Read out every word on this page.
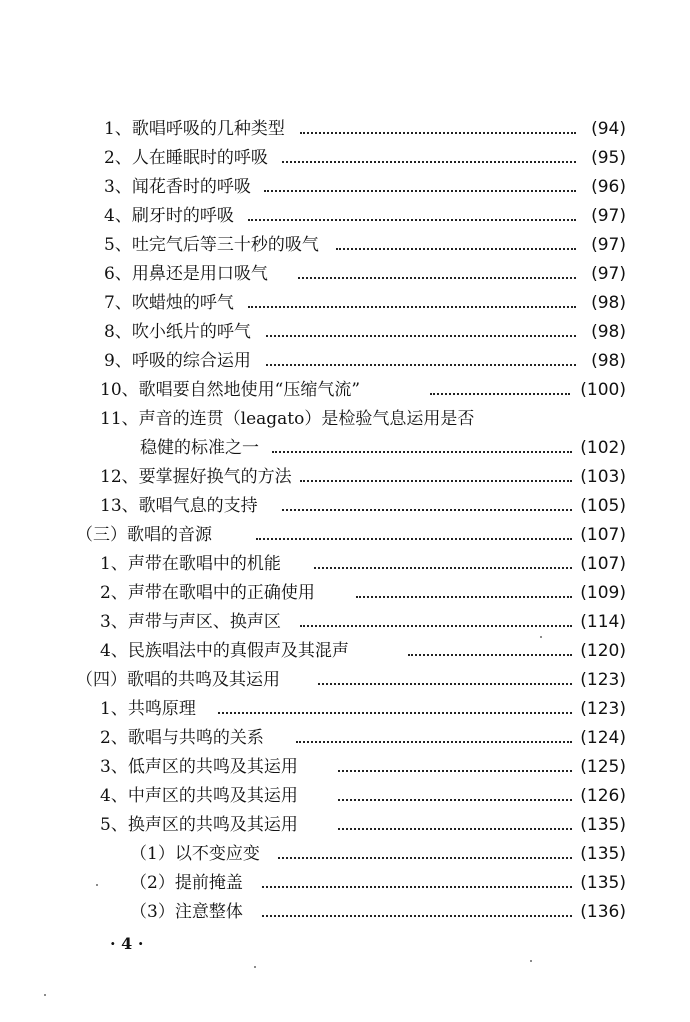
1、歌唱呼吸的几种类型	(94)
2、人在睡眠时的呼吸	(95)
3、闻花香时的呼吸	(96)
4、刷牙时的呼吸	(97)
5、吐完气后等三十秒的吸气	(97)
6、用鼻还是用口吸气	(97)
7、吹蜡烛的呼气	(98)
8、吹小纸片的呼气	(98)
9、呼吸的综合运用	(98)
10、歌唱要自然地使用“压缩气流”	(100)
11、声音的连贯（leagato）是检验气息运用是否
稳健的标准之一	(102)
12、要掌握好换气的方法	(103)
13、歌唱气息的支持	(105)
（三）歌唱的音源	(107)
1、声带在歌唱中的机能	(107)
2、声带在歌唱中的正确使用	(109)
3、声带与声区、换声区	(114)
4、民族唱法中的真假声及其混声	(120)
（四）歌唱的共鸣及其运用	(123)
1、共鸣原理	(123)
2、歌唱与共鸣的关系	(124)
3、低声区的共鸣及其运用	(125)
4、中声区的共鸣及其运用	(126)
5、换声区的共鸣及其运用	(135)
（1）以不变应变	(135)
（2）提前掩盖	(135)
（3）注意整体	(136)
· 4 ·
